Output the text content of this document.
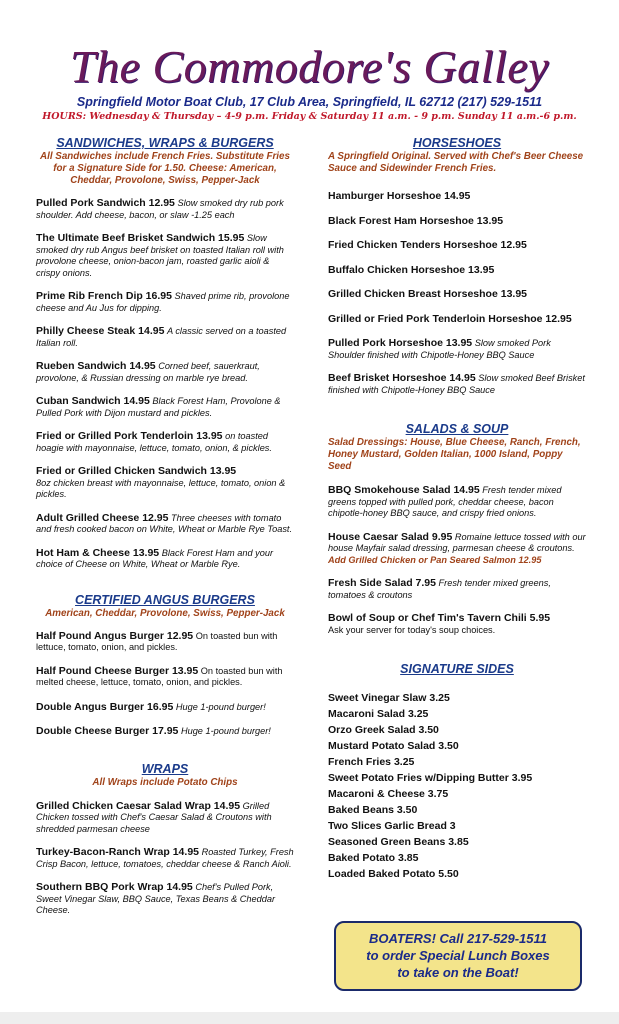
The Commodore's Galley
Springfield Motor Boat Club, 17 Club Area, Springfield, IL 62712 (217) 529-1511
HOURS: Wednesday & Thursday – 4-9 p.m. Friday & Saturday 11 a.m. - 9 p.m. Sunday 11 a.m.-6 p.m.

SANDWICHES, WRAPS & BURGERS

All Sandwiches include French Fries. Substitute Fries for a Signature Side for 1.50. Cheese: American, Cheddar, Provolone, Swiss, Pepper-Jack

Pulled Pork Sandwich 12.95 Slow smoked dry rub pork shoulder. Add cheese, bacon, or slaw -1.25 each

The Ultimate Beef Brisket Sandwich 15.95 Slow smoked dry rub Angus beef brisket on toasted Italian roll with provolone cheese, onion-bacon jam, roasted garlic aioli & crispy onions.

Prime Rib French Dip 16.95 Shaved prime rib, provolone cheese and Au Jus for dipping.

Philly Cheese Steak 14.95 A classic served on a toasted Italian roll.

Rueben Sandwich 14.95 Corned beef, sauerkraut, provolone, & Russian dressing on marble rye bread.

Cuban Sandwich 14.95 Black Forest Ham, Provolone & Pulled Pork with Dijon mustard and pickles.

Fried or Grilled Pork Tenderloin 13.95 on toasted hoagie with mayonnaise, lettuce, tomato, onion, & pickles.

Fried or Grilled Chicken Sandwich 13.95
8oz chicken breast with mayonnaise, lettuce, tomato, onion & pickles.

Adult Grilled Cheese 12.95 Three cheeses with tomato and fresh cooked bacon on White, Wheat or Marble Rye Toast.

Hot Ham & Cheese 13.95 Black Forest Ham and your choice of Cheese on White, Wheat or Marble Rye.

CERTIFIED ANGUS BURGERS

American, Cheddar, Provolone, Swiss, Pepper-Jack

Half Pound Angus Burger 12.95 On toasted bun with lettuce, tomato, onion, and pickles.

Half Pound Cheese Burger 13.95 On toasted bun with melted cheese, lettuce, tomato, onion, and pickles.

Double Angus Burger 16.95 Huge 1-pound burger!

Double Cheese Burger 17.95 Huge 1-pound burger!

WRAPS

All Wraps include Potato Chips

Grilled Chicken Caesar Salad Wrap 14.95 Grilled Chicken tossed with Chef's Caesar Salad & Croutons with shredded parmesan cheese

Turkey-Bacon-Ranch Wrap 14.95 Roasted Turkey, Fresh Crisp Bacon, lettuce, tomatoes, cheddar cheese & Ranch Aioli.

Southern BBQ Pork Wrap 14.95 Chef's Pulled Pork, Sweet Vinegar Slaw, BBQ Sauce, Texas Beans & Cheddar Cheese.

HORSESHOES

A Springfield Original. Served with Chef's Beer Cheese Sauce and Sidewinder French Fries.

Hamburger Horseshoe 14.95

Black Forest Ham Horseshoe 13.95

Fried Chicken Tenders Horseshoe 12.95

Buffalo Chicken Horseshoe 13.95

Grilled Chicken Breast Horseshoe 13.95

Grilled or Fried Pork Tenderloin Horseshoe 12.95

Pulled Pork Horseshoe 13.95 Slow smoked Pork Shoulder finished with Chipotle-Honey BBQ Sauce

Beef Brisket Horseshoe 14.95 Slow smoked Beef Brisket finished with Chipotle-Honey BBQ Sauce

SALADS & SOUP

Salad Dressings: House, Blue Cheese, Ranch, French, Honey Mustard, Golden Italian, 1000 Island, Poppy Seed

BBQ Smokehouse Salad 14.95 Fresh tender mixed greens topped with pulled pork, cheddar cheese, bacon chipotle-honey BBQ sauce, and crispy fried onions.

House Caesar Salad 9.95 Romaine lettuce tossed with our house Mayfair salad dressing, parmesan cheese & croutons. Add Grilled Chicken or Pan Seared Salmon 12.95

Fresh Side Salad 7.95 Fresh tender mixed greens, tomatoes & croutons

Bowl of Soup or Chef Tim's Tavern Chili 5.95
Ask your server for today's soup choices.

SIGNATURE SIDES

Sweet Vinegar Slaw 3.25

Macaroni Salad 3.25

Orzo Greek Salad 3.50

Mustard Potato Salad 3.50

French Fries 3.25

Sweet Potato Fries w/Dipping Butter 3.95

Macaroni & Cheese 3.75

Baked Beans 3.50

Two Slices Garlic Bread 3

Seasoned Green Beans 3.85

Baked Potato 3.85

Loaded Baked Potato 5.50

BOATERS! Call 217-529-1511
to order Special Lunch Boxes
to take on the Boat!
